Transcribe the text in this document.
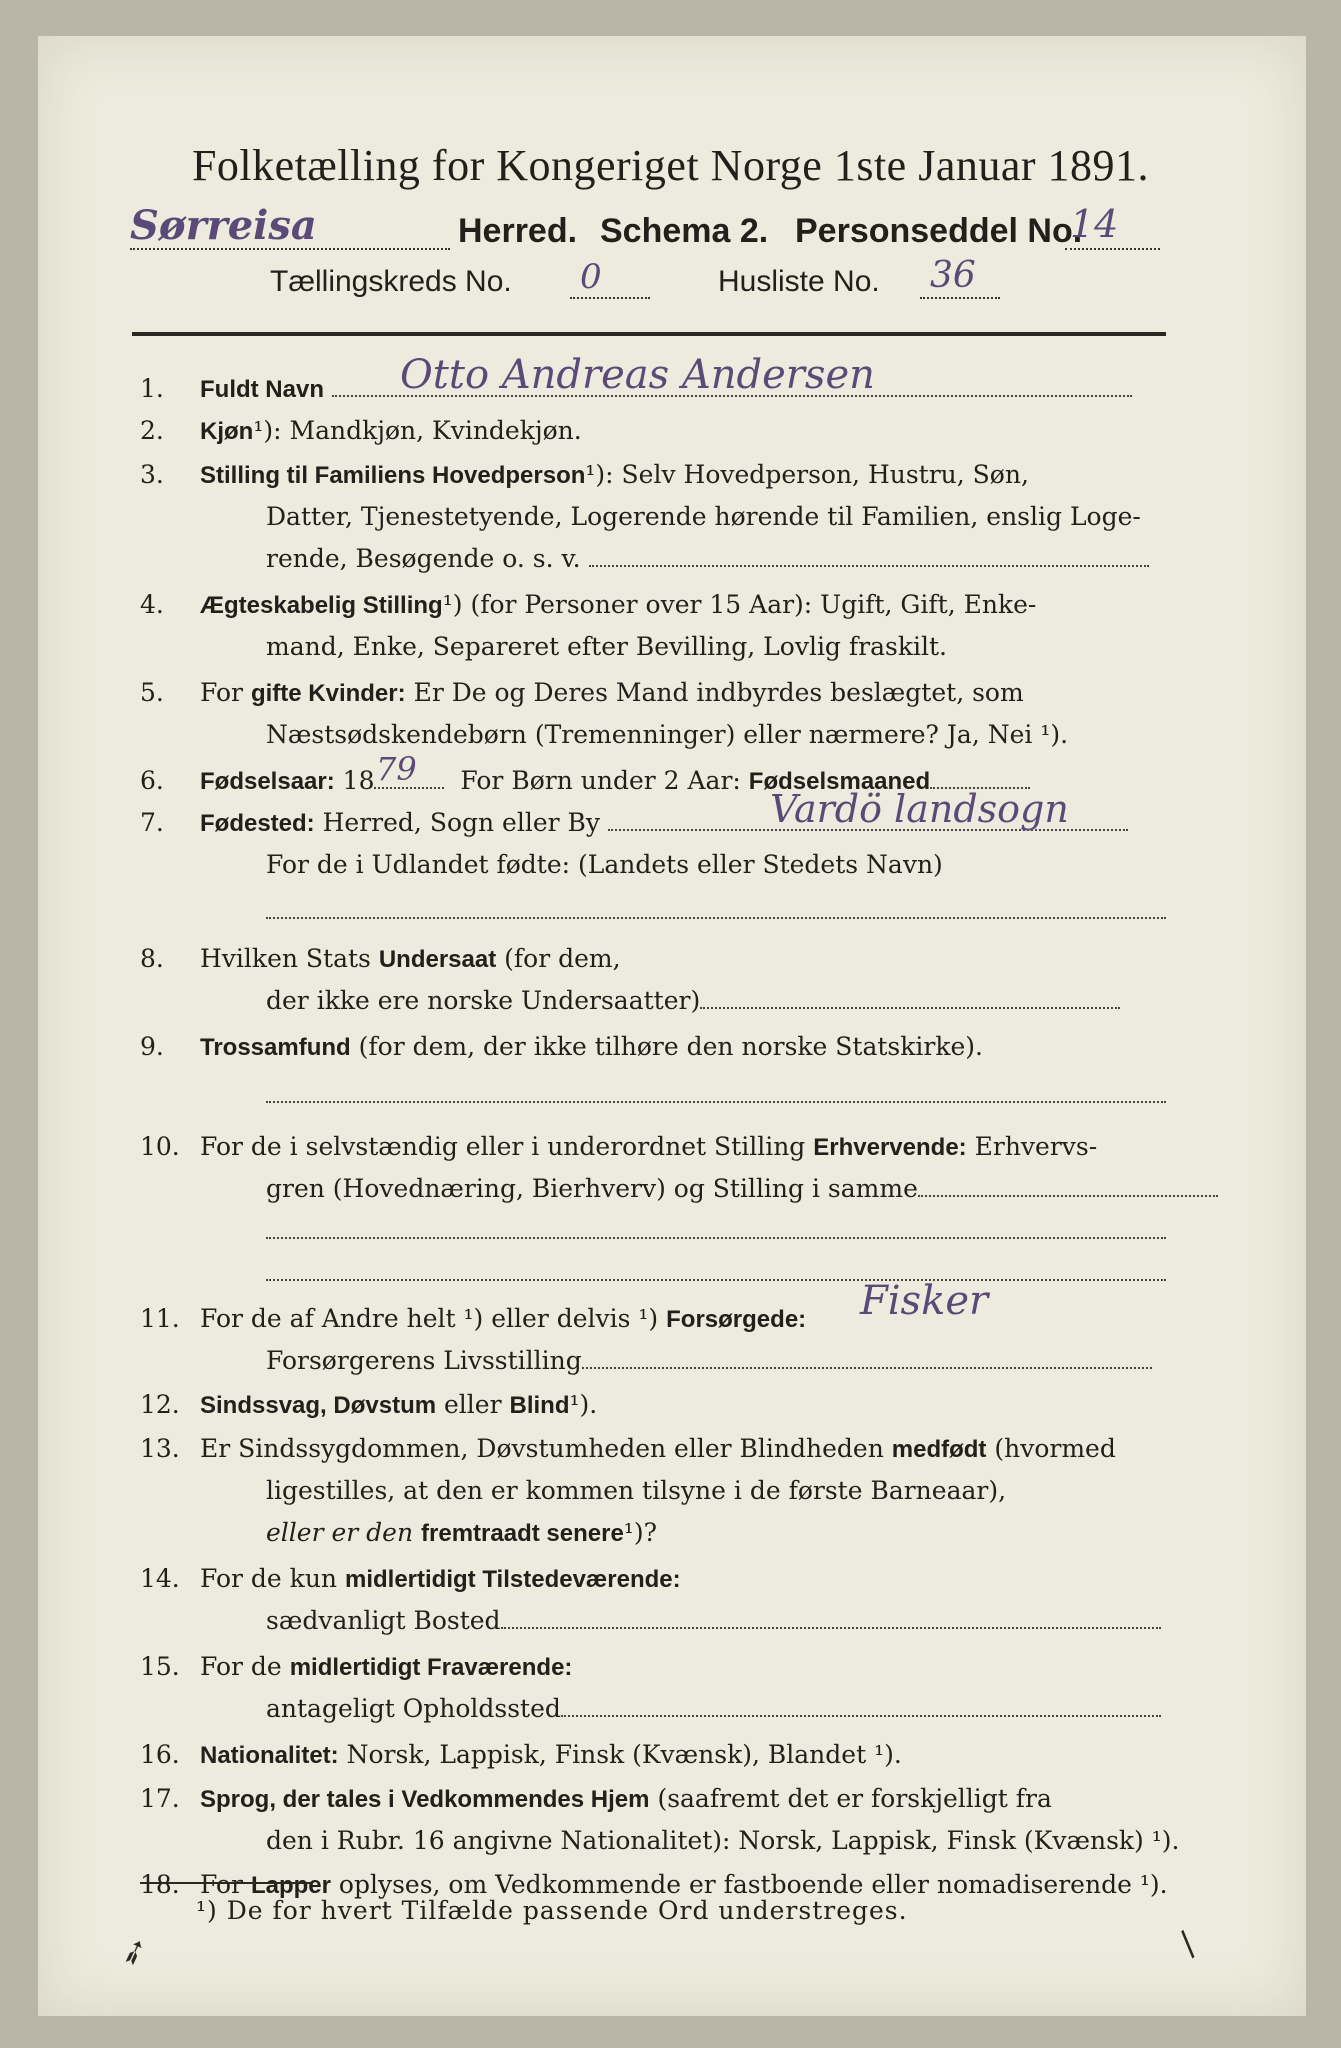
Folketælling for Kongeriget Norge 1ste Januar 1891.
Sørreisa	Herred. Schema 2. Personseddel No.
14
Tællingskreds No. 0	Husliste No. 36
1.	Fuldt Navn	Otto Andreas Andersen
2.	Kjøn¹): Mandkjøn, Kvindekjøn.
3.	Stilling til Familiens Hovedperson¹): Selv Hovedperson, Hustru, Søn,
Datter, Tjenestetyende, Logerende hørende til Familien, enslig Loge-
rende, Besøgende o. s. v.
4.	Ægteskabelig Stilling¹) (for Personer over 15 Aar): Ugift, Gift, Enke-
mand, Enke, Separeret efter Bevilling, Lovlig fraskilt.
5.	For gifte Kvinder: Er De og Deres Mand indbyrdes beslægtet, som
Næstsødskendebørn (Tremenninger) eller nærmere? Ja, Nei ¹).
6.	Fødselsaar: 18	For Børn under 2 Aar: Fødselsmaaned
79
7.	Fødested: Herred, Sogn eller By	Vardö landsogn
For de i Udlandet fødte: (Landets eller Stedets Navn)
8.	Hvilken Stats Undersaat (for dem,
der ikke ere norske Undersaatter)
9.	Trossamfund (for dem, der ikke tilhøre den norske Statskirke).
10. For de i selvstændig eller i underordnet Stilling Erhvervende: Erhvervs-
gren (Hovednæring, Bierhverv) og Stilling i samme
11. For de af Andre helt ¹) eller delvis ¹) Forsørgede:	Fisker
Forsørgerens Livsstilling
12. Sindssvag, Døvstum eller Blind¹).
13. Er Sindssygdommen, Døvstumheden eller Blindheden medfødt (hvormed
ligestilles, at den er kommen tilsyne i de første Barneaar),
eller er den fremtraadt senere¹)?
14. For de kun midlertidigt Tilstedeværende:
sædvanligt Bosted
15. For de midlertidigt Fraværende:
antageligt Opholdssted
16. Nationalitet: Norsk, Lappisk, Finsk (Kvænsk), Blandet ¹).
17. Sprog, der tales i Vedkommendes Hjem (saafremt det er forskjelligt fra
den i Rubr. 16 angivne Nationalitet): Norsk, Lappisk, Finsk (Kvænsk) ¹).
18. For Lapper oplyses, om Vedkommende er fastboende eller nomadiserende ¹).
¹) De for hvert Tilfælde passende Ord understreges.
➶	∕
